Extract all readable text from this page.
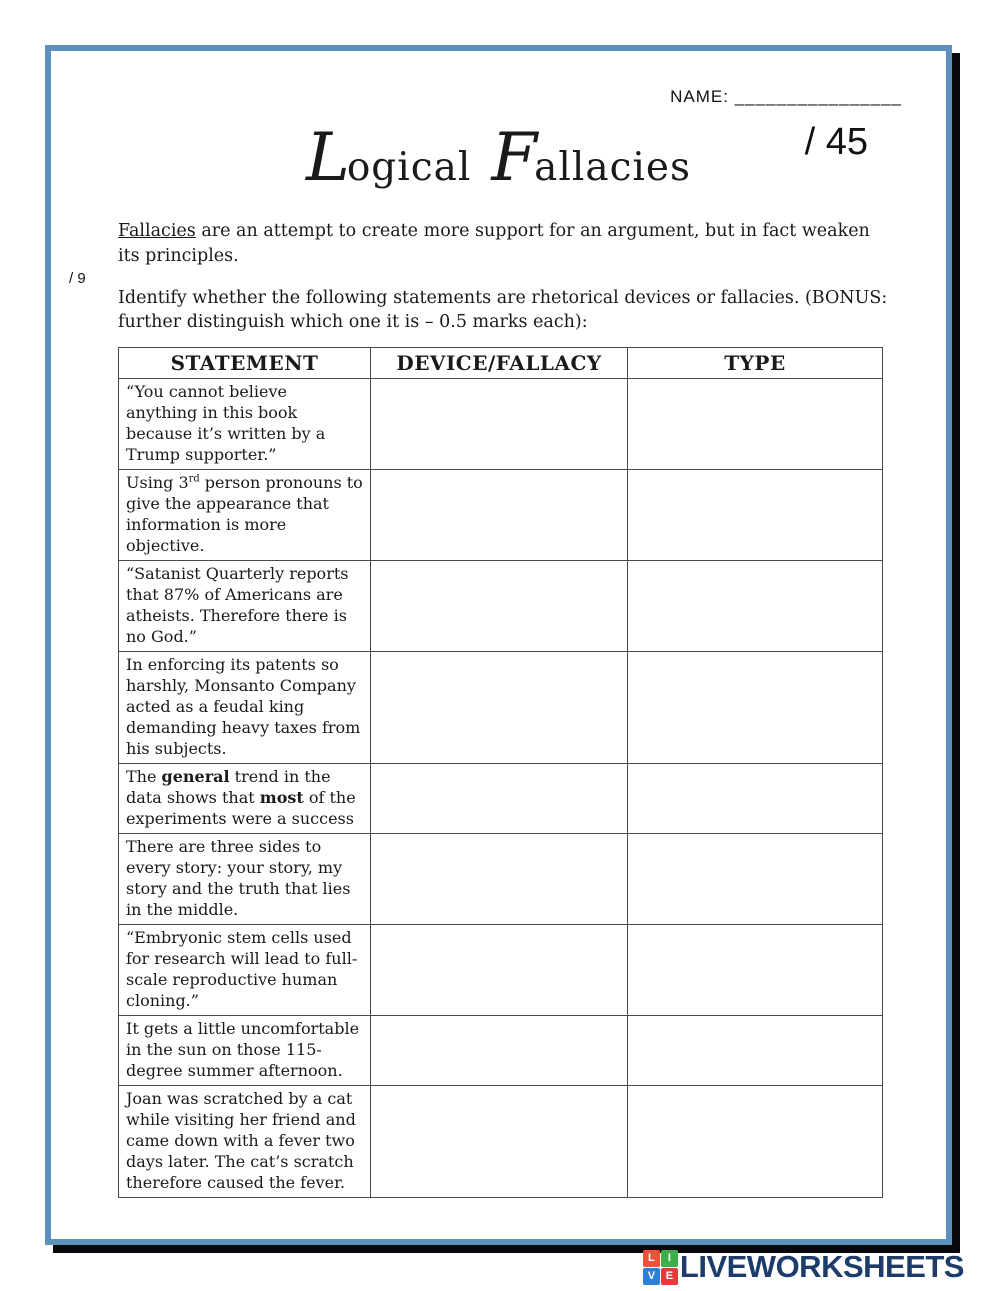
NAME: ________________
/ 45
L
ogical F
allacies

Fallacies are an attempt to create more support for an argument, but in fact weaken its principles.

/ 9

Identify whether the following statements are rhetorical devices or fallacies. (BONUS: further distinguish which one it is – 0.5 marks each):

STATEMENT	DEVICE/FALLACY	TYPE
“You cannot believe anything in this book because it’s written by a Trump supporter.”		
Using 3rd person pronouns to give the appearance that information is more objective.		
“Satanist Quarterly reports that 87% of Americans are atheists. Therefore there is no God.”		
In enforcing its patents so harshly, Monsanto Company acted as a feudal king demanding heavy taxes from his subjects.		
The general trend in the data shows that most of the experiments were a success		
There are three sides to every story: your story, my story and the truth that lies in the middle.		
“Embryonic stem cells used for research will lead to full-scale reproductive human cloning.”		
It gets a little uncomfortable in the sun on those 115-degree summer afternoon.		
Joan was scratched by a cat while visiting her friend and came down with a fever two days later. The cat’s scratch therefore caused the fever.		
L	I
V E LIVEWORKSHEETS
